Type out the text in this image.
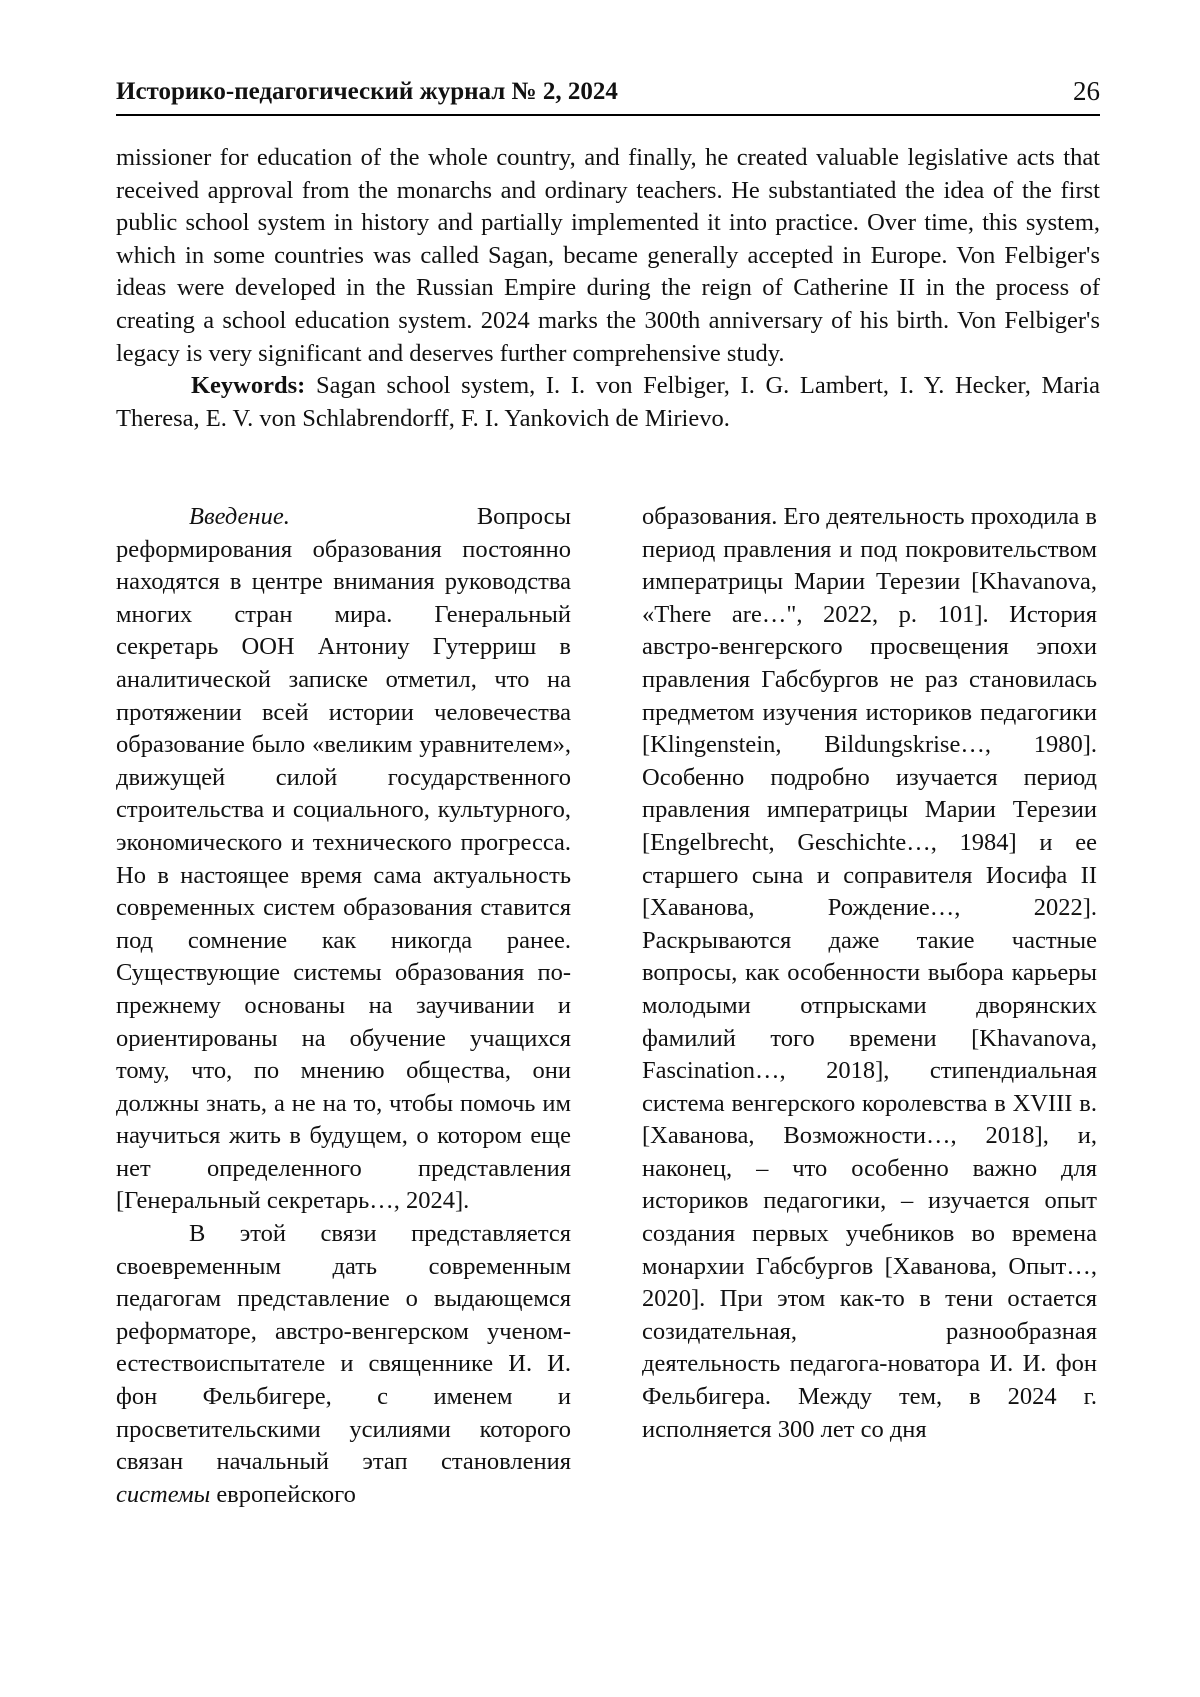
Историко-педагогический журнал № 2, 2024	26

missioner for education of the whole country, and finally, he created valuable legislative acts that received approval from the monarchs and ordinary teachers. He substantiated the idea of the first public school system in history and partially implemented it into practice. Over time, this system, which in some countries was called Sagan, became generally accepted in Europe. Von Felbiger's ideas were developed in the Russian Empire during the reign of Catherine II in the process of creating a school education system. 2024 marks the 300th anniversary of his birth. Von Felbiger's legacy is very significant and deserves further comprehensive study.

Keywords: Sagan school system, I. I. von Felbiger, I. G. Lambert, I. Y. Hecker, Maria Theresa, E. V. von Schlabrendorff, F. I. Yankovich de Mirievo.

Введение.	Вопросы реформирования образования постоянно находятся в центре внимания руководства многих стран мира. Генеральный секретарь ООН Антониу Гутерриш в аналитической записке отметил, что на протяжении всей истории человечества образование было «великим уравнителем», движущей силой государственного строительства и социального, культурного, экономического и технического прогресса. Но в настоящее время сама актуальность современных систем образования ставится под сомнение как никогда ранее. Существующие системы образования по-прежнему основаны на заучивании и ориентированы на обучение учащихся тому, что, по мнению общества, они должны знать, а не на то, чтобы помочь им научиться жить в будущем, о котором еще нет определенного представления [Генеральный секретарь…, 2024].

В этой связи представляется своевременным дать современным педагогам представление о выдающемся реформаторе, австро-венгерском ученом-естествоиспытателе и священнике И. И. фон Фельбигере, с именем и просветительскими усилиями которого связан начальный этап становления системы европейского

образования. Его деятельность проходила в период правления и под покровительством императрицы Марии Терезии [Khavanova, «There are…", 2022, p. 101]. История австро-венгерского просвещения эпохи правления Габсбургов не раз становилась предметом изучения историков педагогики [Klingenstein, Bildungskrise…, 1980]. Особенно подробно изучается период правления императрицы Марии Терезии [Engelbrecht, Geschichte…, 1984] и ее старшего сына и соправителя Иосифа II [Хаванова, Рождение…, 2022]. Раскрываются даже такие частные вопросы, как особенности выбора карьеры молодыми отпрысками дворянских фамилий того времени [Khavanova, Fascination…, 2018], стипендиальная система венгерского королевства в XVIII в. [Хаванова, Возможности…, 2018], и, наконец, – что особенно важно для историков педагогики, – изучается опыт создания первых учебников во времена монархии Габсбургов [Хаванова, Опыт…, 2020]. При этом как-то в тени остается созидательная, разнообразная деятельность педагога-новатора И. И. фон Фельбигера. Между тем, в 2024 г. исполняется 300 лет со дня
